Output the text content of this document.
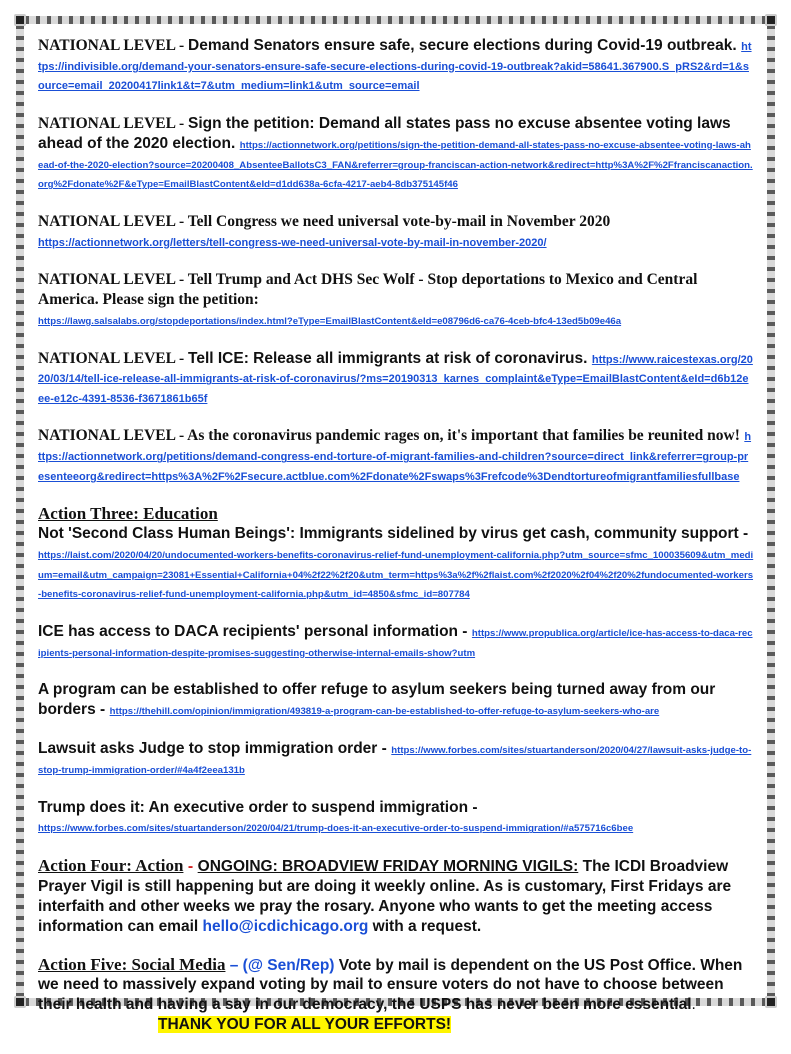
NATIONAL LEVEL - Demand Senators ensure safe, secure elections during Covid-19 outbreak. https://indivisible.org/demand-your-senators-ensure-safe-secure-elections-during-covid-19-outbreak?akid=58641.367900.S_pRS2&rd=1&source=email_20200417link1&t=7&utm_medium=link1&utm_source=email
NATIONAL LEVEL - Sign the petition: Demand all states pass no excuse absentee voting laws ahead of the 2020 election. https://actionnetwork.org/petitions/sign-the-petition-demand-all-states-pass-no-excuse-absentee-voting-laws-ahead-of-the-2020-election?source=20200408_AbsenteeBallotsC3_FAN&referrer=group-franciscan-action-network&redirect=http%3A%2F%2Ffranciscanaction.org%2Fdonate%2F&eType=EmailBlastContent&eId=d1dd638a-6cfa-4217-aeb4-8db375145f46
NATIONAL LEVEL - Tell Congress we need universal vote-by-mail in November 2020
https://actionnetwork.org/letters/tell-congress-we-need-universal-vote-by-mail-in-november-2020/
NATIONAL LEVEL - Tell Trump and Act DHS Sec Wolf - Stop deportations to Mexico and Central America. Please sign the petition:
https://lawg.salsalabs.org/stopdeportations/index.html?eType=EmailBlastContent&eId=e08796d6-ca76-4ceb-bfc4-13ed5b09e46a
NATIONAL LEVEL - Tell ICE: Release all immigrants at risk of coronavirus. https://www.raicestexas.org/2020/03/14/tell-ice-release-all-immigrants-at-risk-of-coronavirus/?ms=20190313_karnes_complaint&eType=EmailBlastContent&eId=d6b12eee-e12c-4391-8536-f3671861b65f
NATIONAL LEVEL - As the coronavirus pandemic rages on, it's important that families be reunited now! https://actionnetwork.org/petitions/demand-congress-end-torture-of-migrant-families-and-children?source=direct_link&referrer=group-presenteeorg&redirect=https%3A%2F%2Fsecure.actblue.com%2Fdonate%2Fswaps%3Frefcode%3Dendtortureofmigrantfamiliesfullbase
Action Three: Education
Not 'Second Class Human Beings': Immigrants sidelined by virus get cash, community support - https://laist.com/2020/04/20/undocumented-workers-benefits-coronavirus-relief-fund-unemployment-california.php?utm_source=sfmc_100035609&utm_medium=email&utm_campaign=23081+Essential+California+04%2f22%2f20&utm_term=https%3a%2f%2flaist.com%2f2020%2f04%2f20%2fundocumented-workers-benefits-coronavirus-relief-fund-unemployment-california.php&utm_id=4850&sfmc_id=807784
ICE has access to DACA recipients' personal information - https://www.propublica.org/article/ice-has-access-to-daca-recipients-personal-information-despite-promises-suggesting-otherwise-internal-emails-show?utm
A program can be established to offer refuge to asylum seekers being turned away from our borders - https://thehill.com/opinion/immigration/493819-a-program-can-be-established-to-offer-refuge-to-asylum-seekers-who-are
Lawsuit asks Judge to stop immigration order - https://www.forbes.com/sites/stuartanderson/2020/04/27/lawsuit-asks-judge-to-stop-trump-immigration-order/#4a4f2eea131b
Trump does it: An executive order to suspend immigration -
https://www.forbes.com/sites/stuartanderson/2020/04/21/trump-does-it-an-executive-order-to-suspend-immigration/#a575716c6bee
Action Four: Action - ONGOING: BROADVIEW FRIDAY MORNING VIGILS: The ICDI Broadview Prayer Vigil is still happening but are doing it weekly online. As is customary, First Fridays are interfaith and other weeks we pray the rosary. Anyone who wants to get the meeting access information can email hello@icdichicago.org with a request.
Action Five: Social Media – (@ Sen/Rep) Vote by mail is dependent on the US Post Office. When we need to massively expand voting by mail to ensure voters do not have to choose between their health and having a say in our democracy, the USPS has never been more essential.THANK YOU FOR ALL YOUR EFFORTS!
